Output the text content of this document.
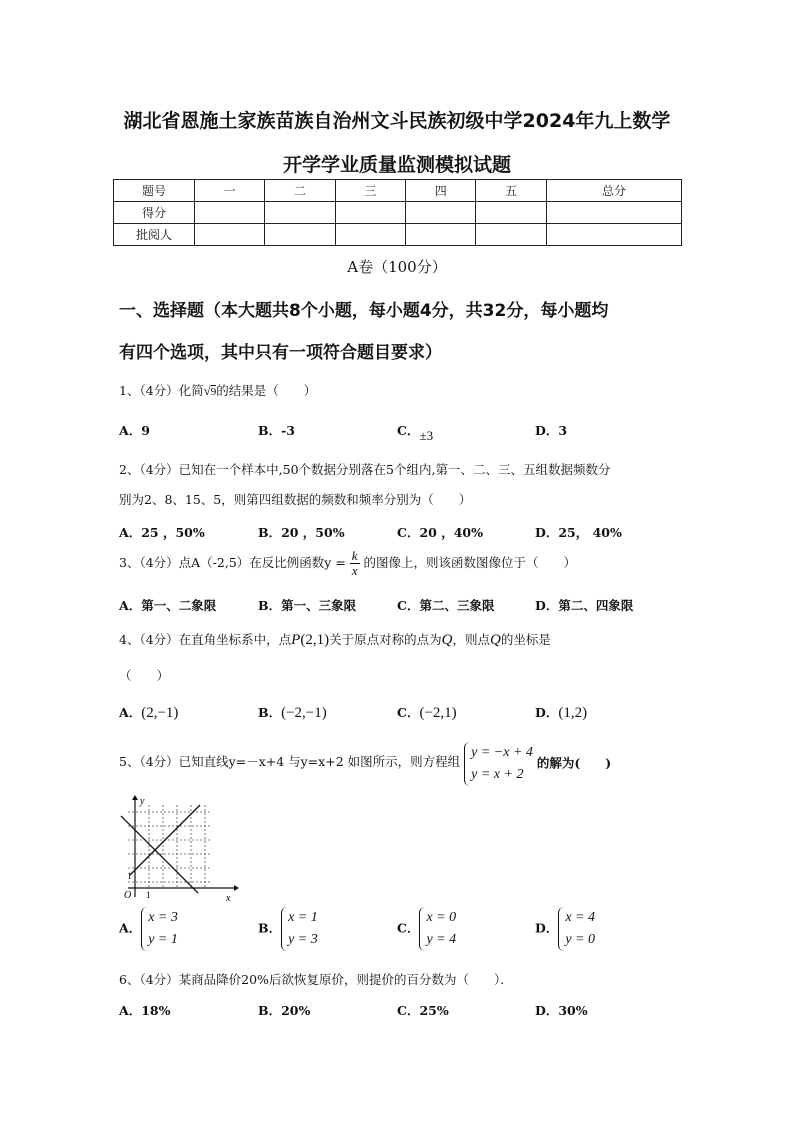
湖北省恩施土家族苗族自治州文斗民族初级中学2024年九上数学
开学学业质量监测模拟试题
题号	一	二	三	四	五	总分
得分						
批阅人						
A卷（100分）
一、选择题（本大题共8个小题，每小题4分，共32分，每小题均
有四个选项，其中只有一项符合题目要求）
1、（4分）化简√9的结果是（　　）
A．9	B．-3	C．±3	D．3
2、（4分）已知在一个样本中,50个数据分别落在5个组内,第一、二、三、五组数据频数分
别为2、8、15、5，则第四组数据的频数和频率分别为（　　）
A．25 ，50%	B．20 ，50%	C．20 ，40%	D．25， 40%
3、（4分）点A（-2,5）在反比例函数$y = \frac{k}{x}$ 的图像上，则该函数图像位于（　　）
A．第一、二象限	B．第一、三象限	C．第二、三象限	D．第二、四象限
4、（4分）在直角坐标系中，点P(2,1)关于原点对称的点为Q，则点Q的坐标是
（　　）
A．(2,−1)	B．(−2,−1)	C．(−2,1)	D．(1,2)
5、（4分）已知直线y=－x+4 与y=x+2 如图所示，则方程组
y = −x + 4
y = x + 2
的解为(　　)
y
x
O 1
1
A．
x = 3
y = 1
B．
x = 1
y = 3
C．
x = 0
y = 4
D．
x = 4
y = 0
6、（4分）某商品降价20%后欲恢复原价，则提价的百分数为（　　）．
A．18%	B．20%	C．25%	D．30%
